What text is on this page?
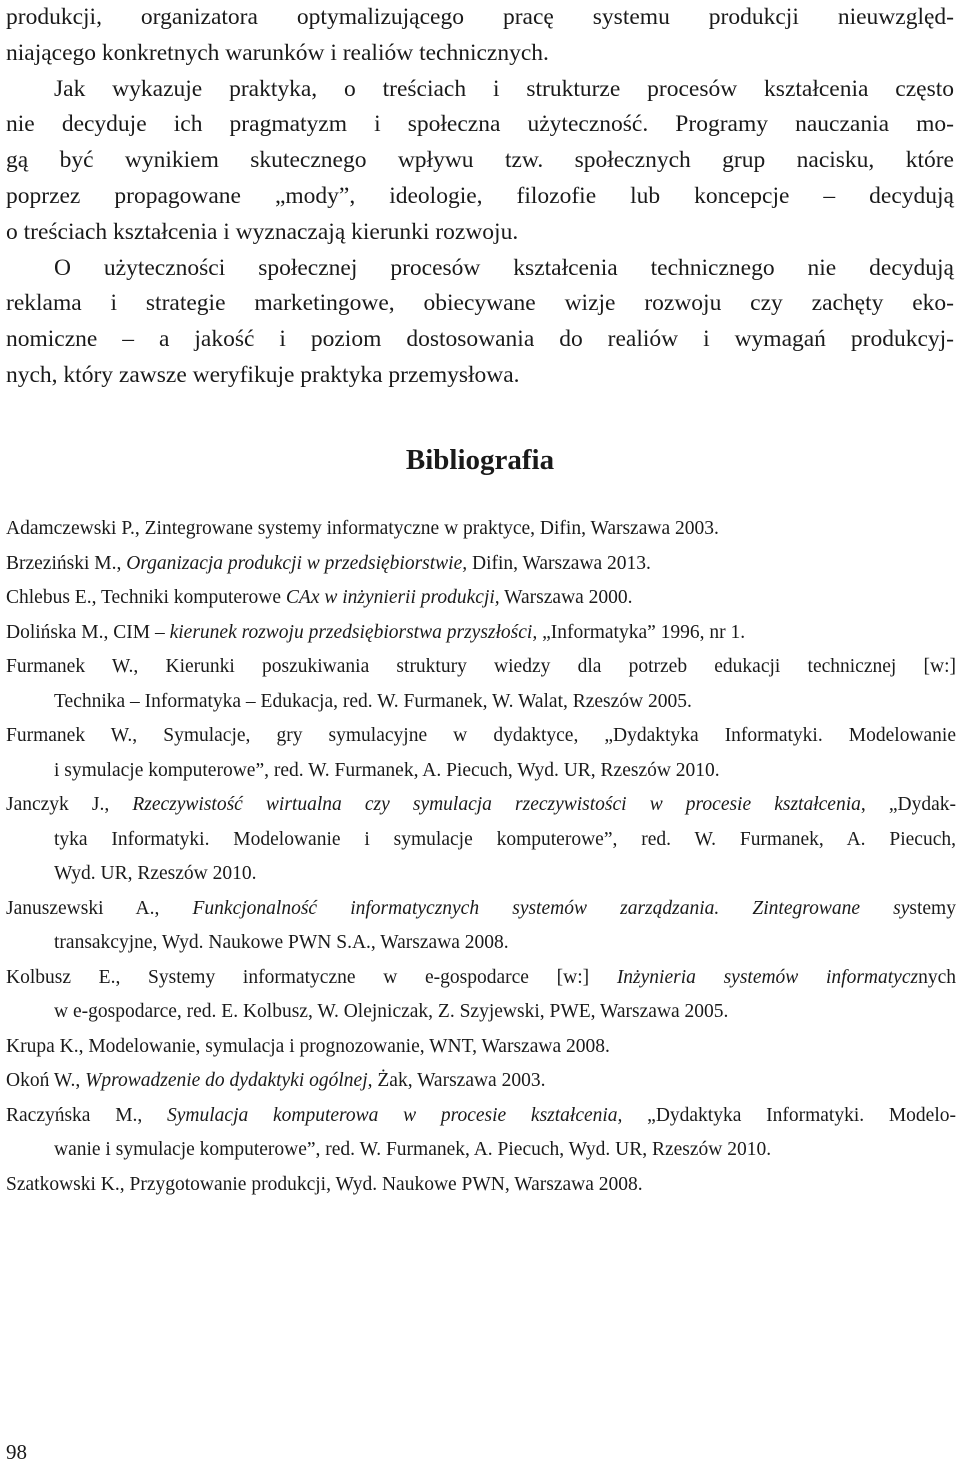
produkcji, organizatora optymalizującego pracę systemu produkcji nieuwzględ-
niającego konkretnych warunków i realiów technicznych.
Jak wykazuje praktyka, o treściach i strukturze procesów kształcenia często
nie decyduje ich pragmatyzm i społeczna użyteczność. Programy nauczania mo-
gą być wynikiem skutecznego wpływu tzw. społecznych grup nacisku, które
poprzez propagowane „mody”, ideologie, filozofie lub koncepcje – decydują
o treściach kształcenia i wyznaczają kierunki rozwoju.
O użyteczności społecznej procesów kształcenia technicznego nie decydują
reklama i strategie marketingowe, obiecywane wizje rozwoju czy zachęty eko-
nomiczne – a jakość i poziom dostosowania do realiów i wymagań produkcyj-
nych, który zawsze weryfikuje praktyka przemysłowa.
Bibliografia
Adamczewski P., Zintegrowane systemy informatyczne w praktyce, Difin, Warszawa 2003.
Brzeziński M., Organizacja produkcji w przedsiębiorstwie, Difin, Warszawa 2013.
Chlebus E., Techniki komputerowe CAx w inżynierii produkcji, Warszawa 2000.
Dolińska M., CIM – kierunek rozwoju przedsiębiorstwa przyszłości, „Informatyka” 1996, nr 1.
Furmanek W., Kierunki poszukiwania struktury wiedzy dla potrzeb edukacji technicznej [w:]
Technika – Informatyka – Edukacja, red. W. Furmanek, W. Walat, Rzeszów 2005.
Furmanek W., Symulacje, gry symulacyjne w dydaktyce, „Dydaktyka Informatyki. Modelowanie
i symulacje komputerowe”, red. W. Furmanek, A. Piecuch, Wyd. UR, Rzeszów 2010.
Janczyk J., Rzeczywistość wirtualna czy symulacja rzeczywistości w procesie kształcenia, „Dydak-
tyka Informatyki. Modelowanie i symulacje komputerowe”, red. W. Furmanek, A. Piecuch,
Wyd. UR, Rzeszów 2010.
Januszewski A., Funkcjonalność informatycznych systemów zarządzania. Zintegrowane systemy
transakcyjne, Wyd. Naukowe PWN S.A., Warszawa 2008.
Kolbusz E., Systemy informatyczne w e-gospodarce [w:] Inżynieria systemów informatycznych
w e-gospodarce, red. E. Kolbusz, W. Olejniczak, Z. Szyjewski, PWE, Warszawa 2005.
Krupa K., Modelowanie, symulacja i prognozowanie, WNT, Warszawa 2008.
Okoń W., Wprowadzenie do dydaktyki ogólnej, Żak, Warszawa 2003.
Raczyńska M., Symulacja komputerowa w procesie kształcenia, „Dydaktyka Informatyki. Modelo-
wanie i symulacje komputerowe”, red. W. Furmanek, A. Piecuch, Wyd. UR, Rzeszów 2010.
Szatkowski K., Przygotowanie produkcji, Wyd. Naukowe PWN, Warszawa 2008.
98
